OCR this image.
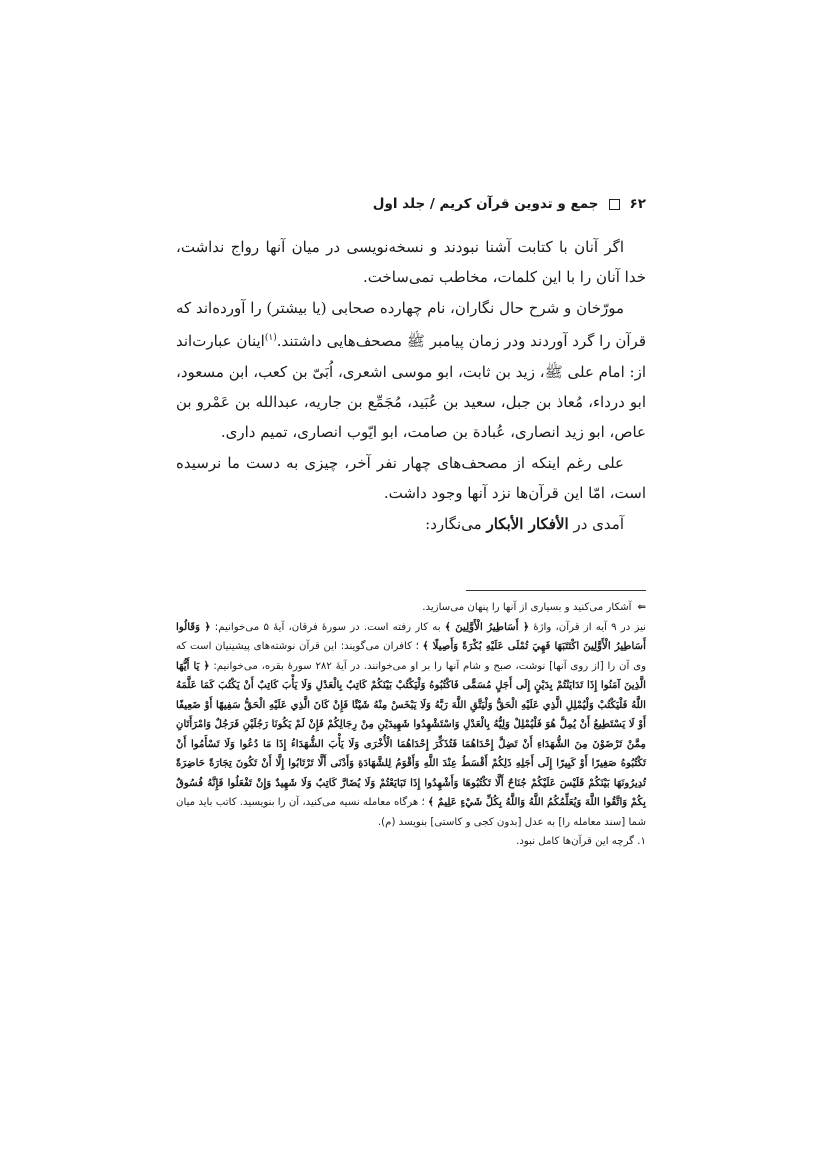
۶۲
جمع و تدوین قرآن کریم / جلد اول

اگر آنان با کتابت آشنا نبودند و نسخه‌نویسی در میان آنها رواج نداشت، خدا آنان را با این کلمات، مخاطب نمی‌ساخت.

مورّخان و شرح حال نگاران، نام چهارده صحابی (یا بیشتر) را آورده‌اند که قرآن را گرد آوردند ودر زمان پیامبر ﷺ مصحف‌هایی داشتند.$^{(۱)}$اینان عبارت‌اند از: امام علی ﷺ، زید بن ثابت، ابو موسی اشعری، اُبَیّ بن کعب، ابن مسعود، ابو درداء، مُعاذ بن جبل، سعید بن عُبَید، مُجَمِّع بن جاریه، عبدالله بن عَمْرو بن عاص، ابو زید انصاری، عُبادة بن صامت، ابو ایّوب انصاری، تمیم داری.

علی رغم اینکه از مصحف‌های چهار نفر آخر، چیزی به دست ما نرسیده است، امّا این قرآن‌ها نزد آنها وجود داشت.

آمدی در الأفكار الأبكار می‌نگارد:

⇐آشکار می‌کنید و بسیاری از آنها را پنهان می‌سازید.

نیز در ۹ آیه از قرآن، واژهٔ ﴿ أَسَاطِيرُ الْأَوَّلِينَ ﴾ به کار رفته است. در سورهٔ فرقان، آیهٔ ۵ می‌خوانیم: ﴿ وَقَالُوا أَسَاطِيرُ الْأَوَّلِينَ اكْتَتَبَهَا فَهِيَ تُمْلَى عَلَيْهِ بُكْرَةً وَأَصِيلًا ﴾ ؛ کافران می‌گویند: این قرآن نوشته‌های پیشینیان است که وی آن را [از روی آنها] نوشت، صبح و شام آنها را بر او می‌خوانند. در آیهٔ ۲۸۲ سورهٔ بقره، می‌خوانیم: ﴿ يَا أَيُّهَا الَّذِينَ آمَنُوا إِذَا تَدَايَنْتُمْ بِدَيْنٍ إِلَى أَجَلٍ مُسَمًّى فَاكْتُبُوهُ وَلْيَكْتُبْ بَيْنَكُمْ كَاتِبٌ بِالْعَدْلِ وَلَا يَأْبَ كَاتِبٌ أَنْ يَكْتُبَ كَمَا عَلَّمَهُ اللَّهُ فَلْيَكْتُبْ وَلْيُمْلِلِ الَّذِي عَلَيْهِ الْحَقُّ وَلْيَتَّقِ اللَّهَ رَبَّهُ وَلَا يَبْخَسْ مِنْهُ شَيْئًا فَإِنْ كَانَ الَّذِي عَلَيْهِ الْحَقُّ سَفِيهًا أَوْ ضَعِيفًا أَوْ لَا يَسْتَطِيعُ أَنْ يُمِلَّ هُوَ فَلْيُمْلِلْ وَلِيُّهُ بِالْعَدْلِ وَاسْتَشْهِدُوا شَهِيدَيْنِ مِنْ رِجَالِكُمْ فَإِنْ لَمْ يَكُونَا رَجُلَيْنِ فَرَجُلٌ وَامْرَأَتَانِ مِمَّنْ تَرْضَوْنَ مِنَ الشُّهَدَاءِ أَنْ تَضِلَّ إِحْدَاهُمَا فَتُذَكِّرَ إِحْدَاهُمَا الْأُخْرَى وَلَا يَأْبَ الشُّهَدَاءُ إِذَا مَا دُعُوا وَلَا تَسْأَمُوا أَنْ تَكْتُبُوهُ صَغِيرًا أَوْ كَبِيرًا إِلَى أَجَلِهِ ذَلِكُمْ أَقْسَطُ عِنْدَ اللَّهِ وَأَقْوَمُ لِلشَّهَادَةِ وَأَدْنَى أَلَّا تَرْتَابُوا إِلَّا أَنْ تَكُونَ تِجَارَةً حَاضِرَةً تُدِيرُونَهَا بَيْنَكُمْ فَلَيْسَ عَلَيْكُمْ جُنَاحٌ أَلَّا تَكْتُبُوهَا وَأَشْهِدُوا إِذَا تَبَايَعْتُمْ وَلَا يُضَارَّ كَاتِبٌ وَلَا شَهِيدٌ وَإِنْ تَفْعَلُوا فَإِنَّهُ فُسُوقٌ بِكُمْ وَاتَّقُوا اللَّهَ وَيُعَلِّمُكُمُ اللَّهُ وَاللَّهُ بِكُلِّ شَيْءٍ عَلِيمٌ ﴾ ؛ هرگاه معامله نسیه می‌کنید، آن را بنویسید. کاتب باید میان شما [سند معامله را] به عدل [بدون کجی و کاستی] بنویسد (م).

۱. گرچه این قرآن‌ها کامل نبود.
